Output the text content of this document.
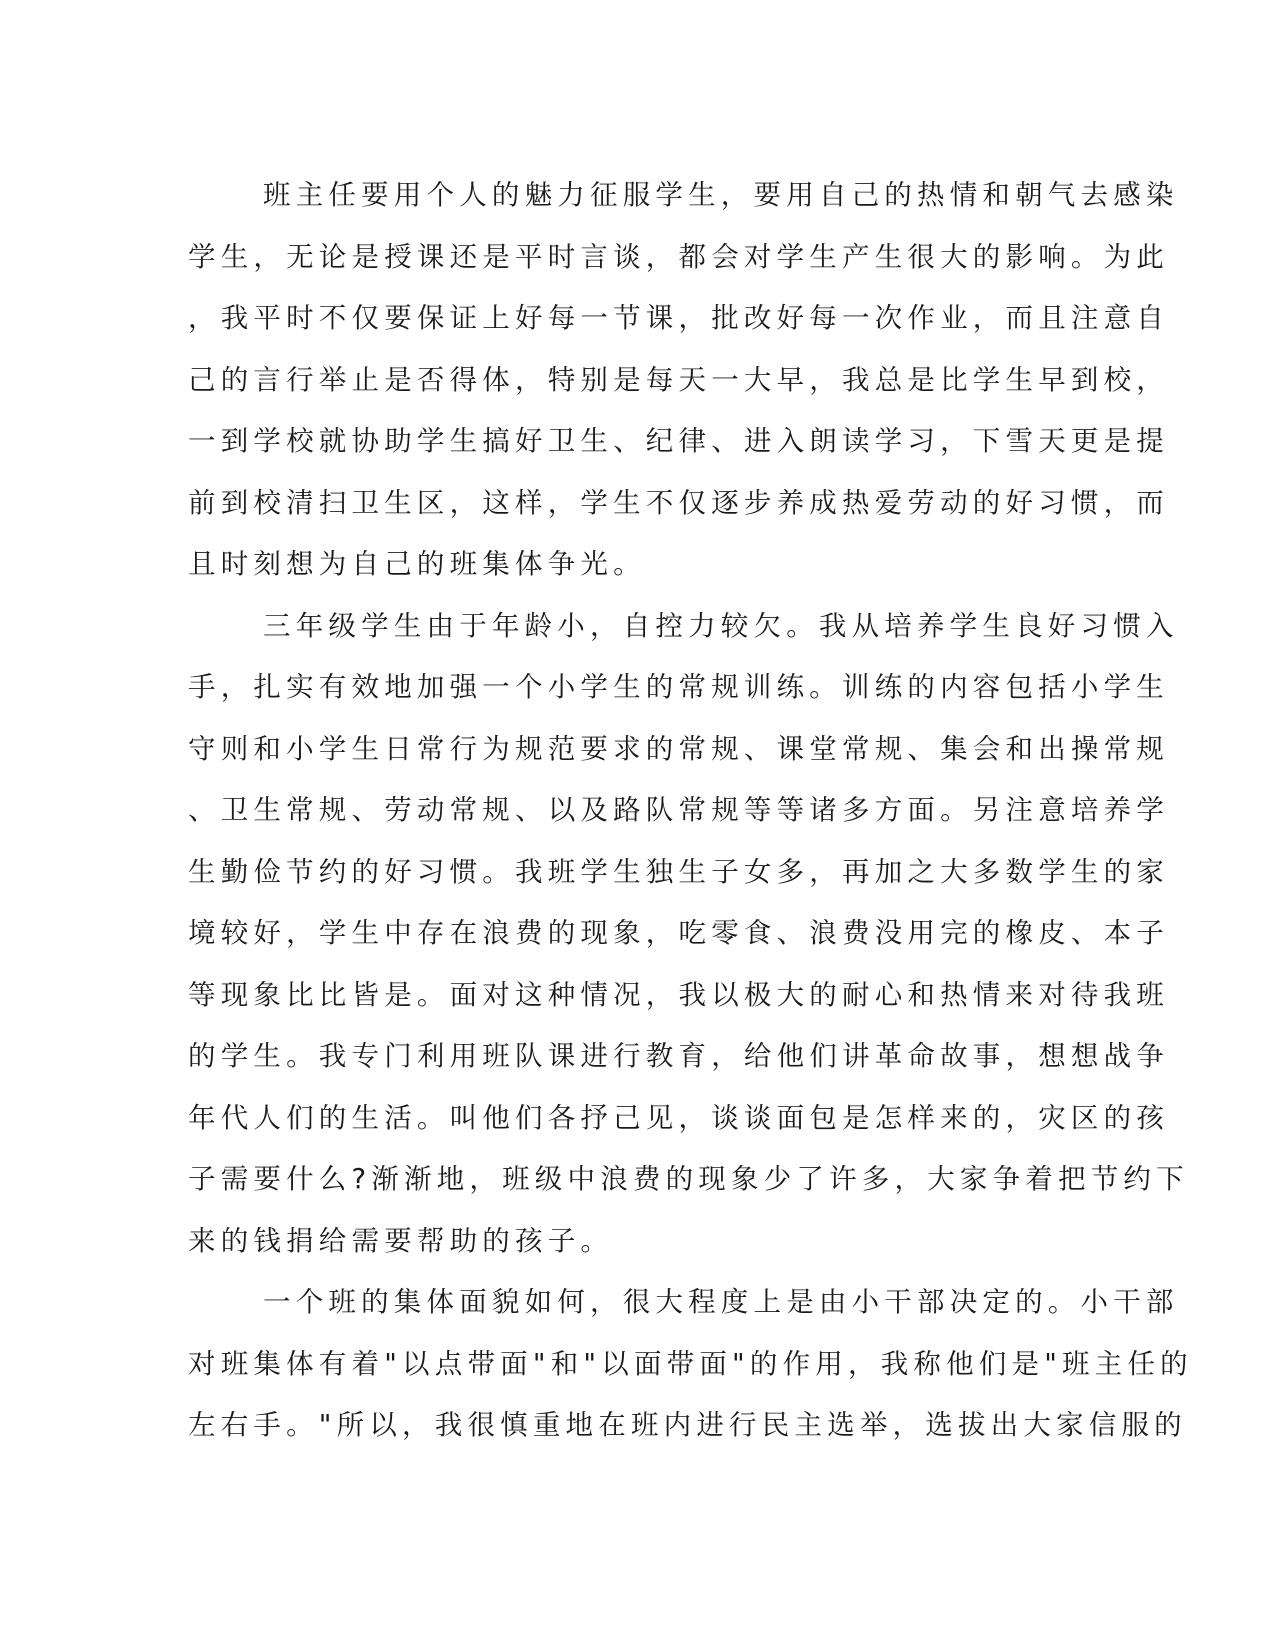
班主任要用个人的魅力征服学生，要用自己的热情和朝气去感染
学生，无论是授课还是平时言谈，都会对学生产生很大的影响。为此
，我平时不仅要保证上好每一节课，批改好每一次作业，而且注意自
己的言行举止是否得体，特别是每天一大早，我总是比学生早到校，
一到学校就协助学生搞好卫生、纪律、进入朗读学习，下雪天更是提
前到校清扫卫生区，这样，学生不仅逐步养成热爱劳动的好习惯，而
且时刻想为自己的班集体争光。
三年级学生由于年龄小，自控力较欠。我从培养学生良好习惯入
手，扎实有效地加强一个小学生的常规训练。训练的内容包括小学生
守则和小学生日常行为规范要求的常规、课堂常规、集会和出操常规
、卫生常规、劳动常规、以及路队常规等等诸多方面。另注意培养学
生勤俭节约的好习惯。我班学生独生子女多，再加之大多数学生的家
境较好，学生中存在浪费的现象，吃零食、浪费没用完的橡皮、本子
等现象比比皆是。面对这种情况，我以极大的耐心和热情来对待我班
的学生。我专门利用班队课进行教育，给他们讲革命故事，想想战争
年代人们的生活。叫他们各抒己见，谈谈面包是怎样来的，灾区的孩
子需要什么?渐渐地，班级中浪费的现象少了许多，大家争着把节约下
来的钱捐给需要帮助的孩子。
一个班的集体面貌如何，很大程度上是由小干部决定的。小干部
对班集体有着"以点带面"和"以面带面"的作用，我称他们是"班主任的
左右手。"所以，我很慎重地在班内进行民主选举，选拔出大家信服的
